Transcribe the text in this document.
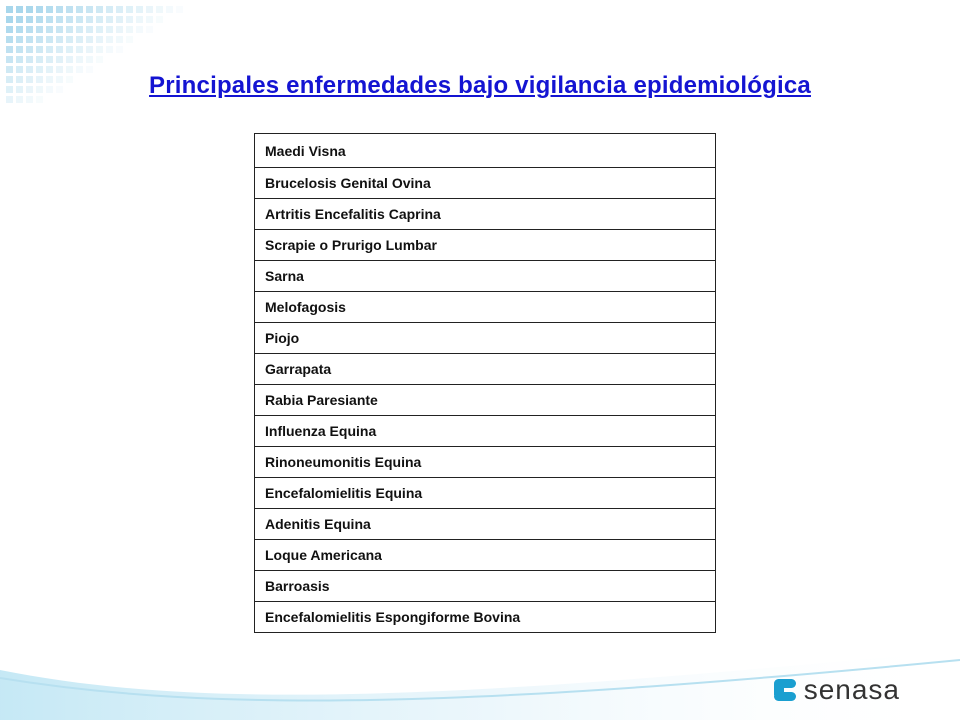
Principales enfermedades bajo vigilancia epidemiológica
Maedi Visna
Brucelosis Genital Ovina
Artritis Encefalitis Caprina
Scrapie o Prurigo Lumbar
Sarna
Melofagosis
Piojo
Garrapata
Rabia Paresiante
Influenza Equina
Rinoneumonitis Equina
Encefalomielitis Equina
Adenitis Equina
Loque Americana
Barroasis
Encefalomielitis Espongiforme Bovina
senasa
